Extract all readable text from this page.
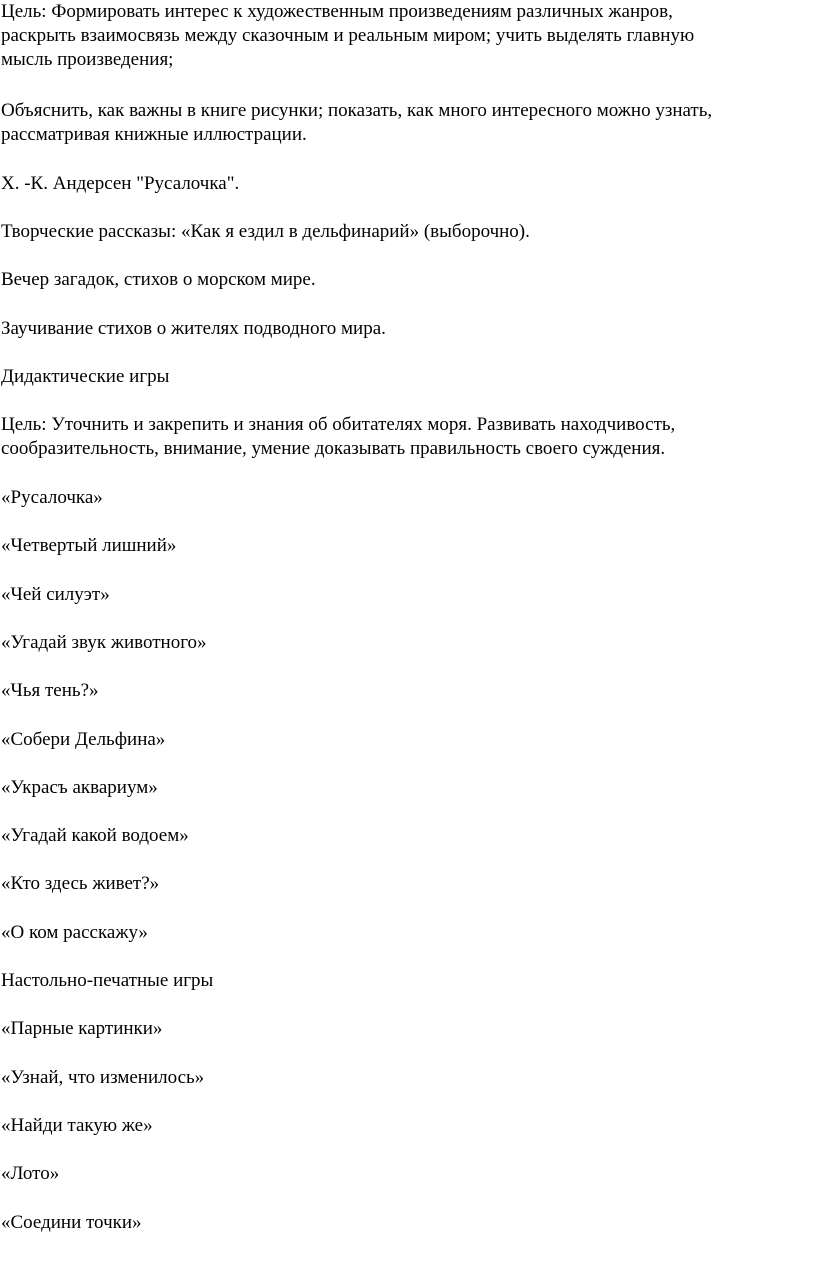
Цель: Формировать интерес к художественным произведениям различных жанров,
раскрыть взаимосвязь между сказочным и реальным миром; учить выделять главную
мысль произведения;

Объяснить, как важны в книге рисунки; показать, как много интересного можно узнать,
рассматривая книжные иллюстрации.

Х. -К. Андерсен "Русалочка".

Творческие рассказы: «Как я ездил в дельфинарий» (выборочно).

Вечер загадок, стихов о морском мире.

Заучивание стихов о жителях подводного мира.

Дидактические игры

Цель: Уточнить и закрепить и знания об обитателях моря. Развивать находчивость,
сообразительность, внимание, умение доказывать правильность своего суждения.

«Русалочка»

«Четвертый лишний»

«Чей силуэт»

«Угадай звук животного»

«Чья тень?»

«Собери Дельфина»

«Украсъ аквариум»

«Угадай какой водоем»

«Кто здесь живет?»

«О ком расскажу»

Настольно-печатные игры

«Парные картинки»

«Узнай, что изменилось»

«Найди такую же»

«Лото»

«Соедини точки»
